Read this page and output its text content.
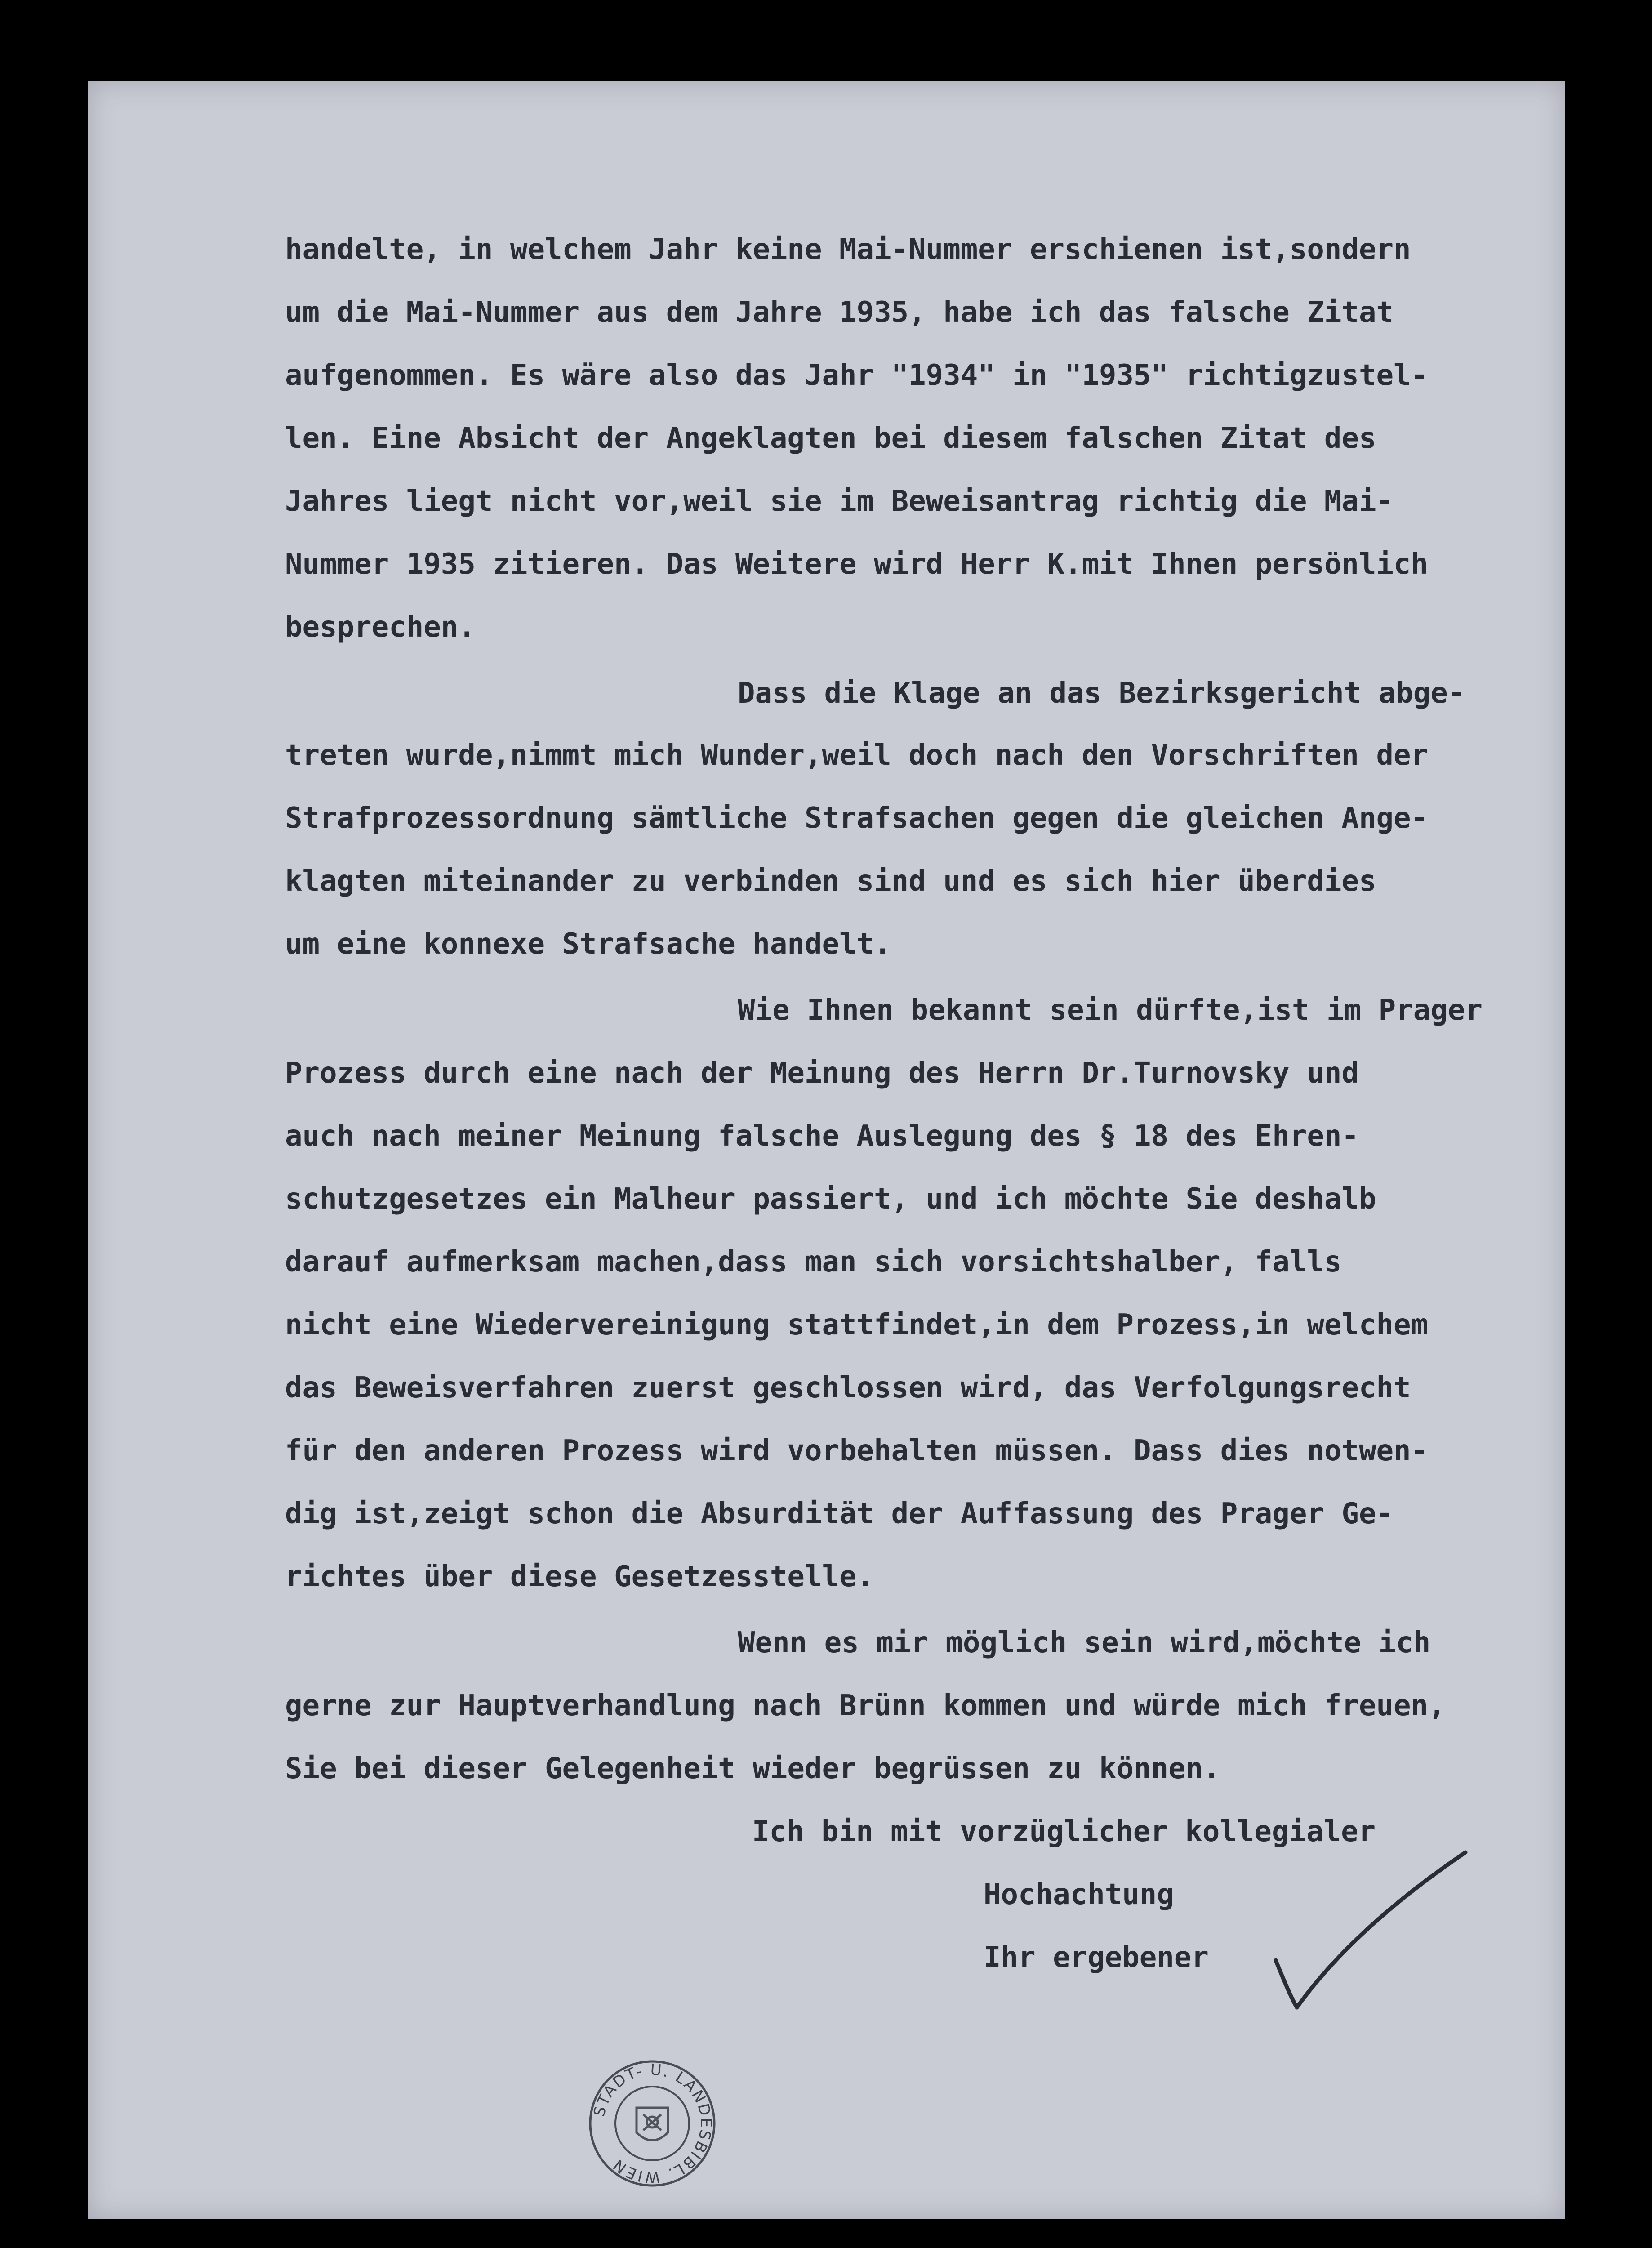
handelte, in welchem Jahr keine Mai-Nummer erschienen ist,sondern
um die Mai-Nummer aus dem Jahre 1935, habe ich das falsche Zitat
aufgenommen. Es wäre also das Jahr "1934" in "1935" richtigzustel-
len. Eine Absicht der Angeklagten bei diesem falschen Zitat des
Jahres liegt nicht vor,weil sie im Beweisantrag richtig die Mai-
Nummer 1935 zitieren. Das Weitere wird Herr K.mit Ihnen persönlich
besprechen.
Dass die Klage an das Bezirksgericht abge-
treten wurde,nimmt mich Wunder,weil doch nach den Vorschriften der
Strafprozessordnung sämtliche Strafsachen gegen die gleichen Ange-
klagten miteinander zu verbinden sind und es sich hier überdies
um eine konnexe Strafsache handelt.
Wie Ihnen bekannt sein dürfte,ist im Prager
Prozess durch eine nach der Meinung des Herrn Dr.Turnovsky und
auch nach meiner Meinung falsche Auslegung des § 18 des Ehren-
schutzgesetzes ein Malheur passiert, und ich möchte Sie deshalb
darauf aufmerksam machen,dass man sich vorsichtshalber, falls
nicht eine Wiedervereinigung stattfindet,in dem Prozess,in welchem
das Beweisverfahren zuerst geschlossen wird, das Verfolgungsrecht
für den anderen Prozess wird vorbehalten müssen. Dass dies notwen-
dig ist,zeigt schon die Absurdität der Auffassung des Prager Ge-
richtes über diese Gesetzesstelle.
Wenn es mir möglich sein wird,möchte ich
gerne zur Hauptverhandlung nach Brünn kommen und würde mich freuen,
Sie bei dieser Gelegenheit wieder begrüssen zu können.
Ich bin mit vorzüglicher kollegialer
Hochachtung
Ihr ergebener
STADT- U. LANDESBIBL. WIEN
